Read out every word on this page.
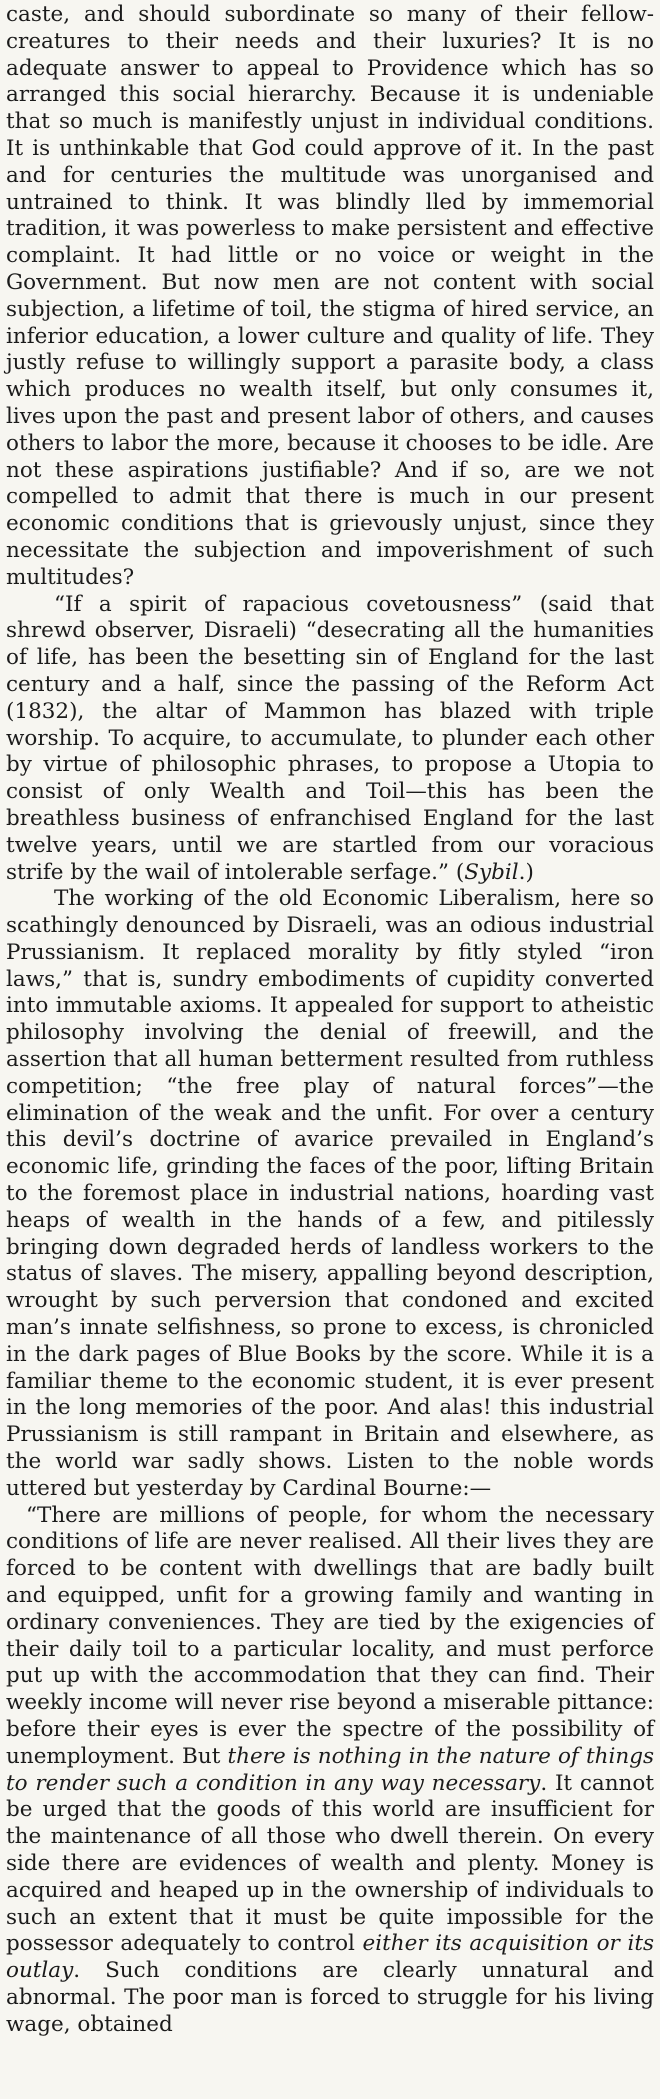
caste, and should subordinate so many of their fellow-creatures to their needs and their luxuries? It is no adequate answer to appeal to Providence which has so arranged this social hierarchy. Because it is undeniable that so much is manifestly unjust in individual conditions. It is unthinkable that God could approve of it. In the past and for centuries the multitude was unorganised and untrained to think. It was blindly lled by immemorial tradition, it was powerless to make persistent and effective complaint. It had little or no voice or weight in the Government. But now men are not content with social subjection, a lifetime of toil, the stigma of hired service, an inferior education, a lower culture and quality of life. They justly refuse to willingly support a parasite body, a class which produces no wealth itself, but only consumes it, lives upon the past and present labor of others, and causes others to labor the more, because it chooses to be idle. Are not these aspirations justifiable? And if so, are we not compelled to admit that there is much in our present economic conditions that is grievously unjust, since they necessitate the subjection and impoverishment of such multitudes?

“If a spirit of rapacious covetousness” (said that shrewd observer, Disraeli) “desecrating all the humanities of life, has been the besetting sin of England for the last century and a half, since the passing of the Reform Act (1832), the altar of Mammon has blazed with triple worship. To acquire, to accumulate, to plunder each other by virtue of philosophic phrases, to propose a Utopia to consist of only Wealth and Toil—this has been the breathless business of enfranchised England for the last twelve years, until we are startled from our voracious strife by the wail of intolerable serfage.” (Sybil.)

The working of the old Economic Liberalism, here so scathingly denounced by Disraeli, was an odious industrial Prussianism. It replaced morality by fitly styled “iron laws,” that is, sundry embodiments of cupidity converted into immutable axioms. It appealed for support to atheistic philosophy involving the denial of freewill, and the assertion that all human betterment resulted from ruthless competition; “the free play of natural forces”—the elimination of the weak and the unfit. For over a century this devil’s doctrine of avarice prevailed in England’s economic life, grinding the faces of the poor, lifting Britain to the foremost place in industrial nations, hoarding vast heaps of wealth in the hands of a few, and pitilessly bringing down degraded herds of landless workers to the status of slaves. The misery, appalling beyond description, wrought by such perversion that condoned and excited man’s innate selfishness, so prone to excess, is chronicled in the dark pages of Blue Books by the score. While it is a familiar theme to the economic student, it is ever present in the long memories of the poor. And alas! this industrial Prussianism is still rampant in Britain and elsewhere, as the world war sadly shows. Listen to the noble words uttered but yesterday by Cardinal Bourne:—

“There are millions of people, for whom the necessary conditions of life are never realised. All their lives they are forced to be content with dwellings that are badly built and equipped, unfit for a growing family and wanting in ordinary conveniences. They are tied by the exigencies of their daily toil to a particular locality, and must perforce put up with the accommodation that they can find. Their weekly income will never rise beyond a miserable pittance: before their eyes is ever the spectre of the possibility of unemployment. But there is nothing in the nature of things to render such a condition in any way necessary. It cannot be urged that the goods of this world are insufficient for the maintenance of all those who dwell therein. On every side there are evidences of wealth and plenty. Money is acquired and heaped up in the ownership of individuals to such an extent that it must be quite impossible for the possessor adequately to control either its acquisition or its outlay. Such conditions are clearly unnatural and abnormal. The poor man is forced to struggle for his living wage, obtained
